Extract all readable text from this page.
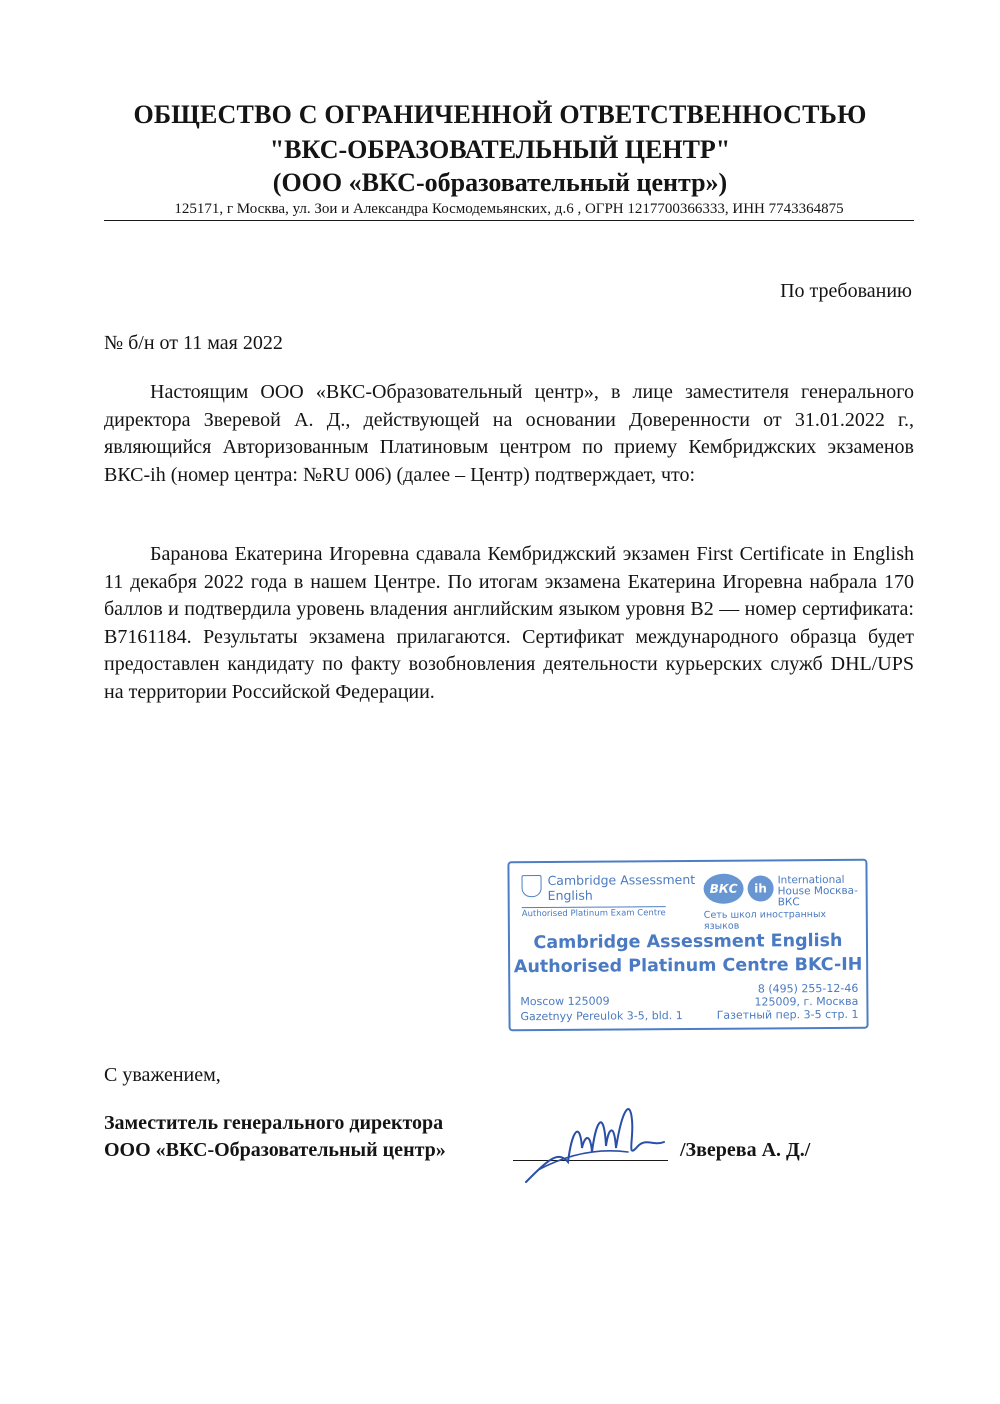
ОБЩЕСТВО С ОГРАНИЧЕННОЙ ОТВЕТСТВЕННОСТЬЮ

"ВКС-ОБРАЗОВАТЕЛЬНЫЙ ЦЕНТР"

(ООО «ВКС-образовательный центр»)

125171, г Москва, ул. Зои и Александра Космодемьянских, д.6 , ОГРН 1217700366333, ИНН 7743364875
По требованию
№ б/н от 11 мая 2022

Настоящим ООО «ВКС-Образовательный центр», в лице заместителя генерального директора Зверевой А. Д., действующей на основании Доверенности от 31.01.2022 г., являющийся Авторизованным Платиновым центром по приему Кембриджских экзаменов ВКС-ih (номер центра: №RU 006) (далее – Центр) подтверждает, что:

Баранова Екатерина Игоревна сдавала Кембриджский экзамен First Certificate in English 11 декабря 2022 года в нашем Центре. По итогам экзамена Екатерина Игоревна набрала 170 баллов и подтвердила уровень владения английским языком уровня B2 — номер сертификата: B7161184. Результаты экзамена прилагаются. Сертификат международного образца будет предоставлен кандидату по факту возобновления деятельности курьерских служб DHL/UPS на территории Российской Федерации.

Cambridge Assessment English
Authorised Platinum Exam Centre
ВКС	ih
International House Москва-ВКС
Сеть школ иностранных языков
Cambridge Assessment English
Authorised Platinum Centre BKC-IH
Moscow 125009
Gazetnyy Pereulok 3-5, bld. 1
8 (495) 255-12-46
125009, г. Москва
Газетный пер. 3-5 стр. 1
С уважением,
Заместитель генерального директора
ООО «ВКС-Образовательный центр»	/Зверева А. Д./
